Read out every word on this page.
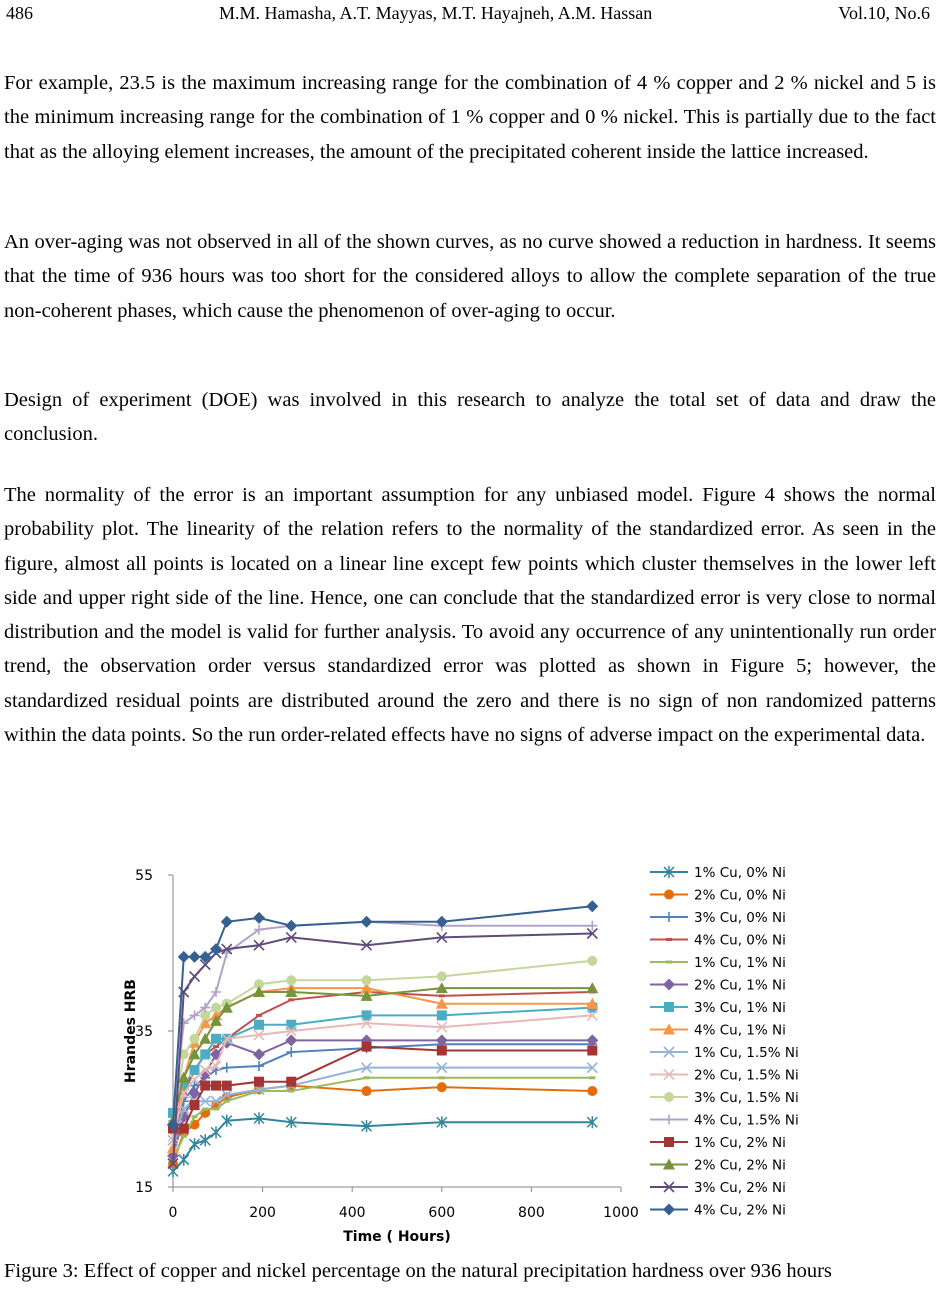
486	M.M. Hamasha, A.T. Mayyas, M.T. Hayajneh, A.M. Hassan	Vol.10, No.6

For example, 23.5 is the maximum increasing range for the combination of 4 % copper and 2 % nickel and 5 is the minimum increasing range for the combination of 1 % copper and 0 % nickel. This is partially due to the fact that as the alloying element increases, the amount of the precipitated coherent inside the lattice increased.

An over-aging was not observed in all of the shown curves, as no curve showed a reduction in hardness. It seems that the time of 936 hours was too short for the considered alloys to allow the complete separation of the true non-coherent phases, which cause the phenomenon of over-aging to occur.

Design of experiment (DOE) was involved in this research to analyze the total set of data and draw the conclusion.

The normality of the error is an important assumption for any unbiased model. Figure 4 shows the normal probability plot. The linearity of the relation refers to the normality of the standardized error. As seen in the figure, almost all points is located on a linear line except few points which cluster themselves in the lower left side and upper right side of the line. Hence, one can conclude that the standardized error is very close to normal distribution and the model is valid for further analysis. To avoid any occurrence of any unintentionally run order trend, the observation order versus standardized error was plotted as shown in Figure 5; however, the standardized residual points are distributed around the zero and there is no sign of non randomized patterns within the data points. So the run order-related effects have no signs of adverse impact on the experimental data.

15
35
55
0	200	400	600	800	1000
Time ( Hours)
Hrandes HRB
1% Cu, 0% Ni
2% Cu, 0% Ni
3% Cu, 0% Ni
4% Cu, 0% Ni
1% Cu, 1% Ni
2% Cu, 1% Ni
3% Cu, 1% Ni
4% Cu, 1% Ni
1% Cu, 1.5% Ni
2% Cu, 1.5% Ni
3% Cu, 1.5% Ni
4% Cu, 1.5% Ni
1% Cu, 2% Ni
2% Cu, 2% Ni
3% Cu, 2% Ni
4% Cu, 2% Ni

Figure 3: Effect of copper and nickel percentage on the natural precipitation hardness over 936 hours
